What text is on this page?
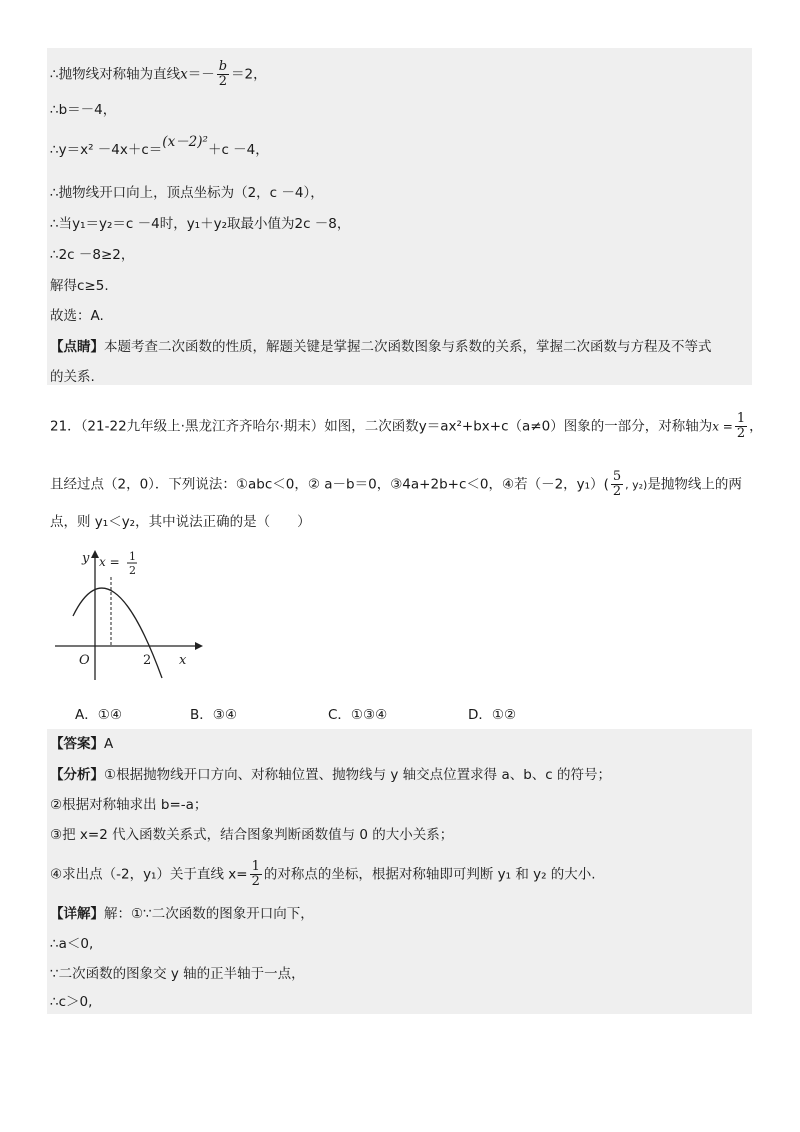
∴抛物线对称轴为直线$x=- \frac{b}{2} =2$，
∴b＝－4，
∴y＝x² －4x＋c＝(x－2)²＋c －4，
∴抛物线开口向上，顶点坐标为（2，c －4），
∴当y₁＝y₂＝c －4时，y₁＋y₂取最小值为2c －8，
∴2c －8≥2，
解得c≥5.
故选：A.
【点睛】本题考查二次函数的性质，解题关键是掌握二次函数图象与系数的关系，掌握二次函数与方程及不等式
的关系.
21．（21-22九年级上·黑龙江齐齐哈尔·期末）如图，二次函数y＝ax²+bx+c（a≠0）图象的一部分，对称轴为$x = \frac{1}{2}$ ，
且经过点（2，0）．下列说法：①abc＜0，② a－b＝0，③4a+2b+c＜0，④若（－2，$y_1)( \frac{5}{2}$ , y₂)是抛物线上的两
点，则 y₁＜y₂，其中说法正确的是（　　）
y
x
O	2
x = 1
2
A．①④	B．③④	C．①③④	D．①②
【答案】A
【分析】①根据抛物线开口方向、对称轴位置、抛物线与 y 轴交点位置求得 a、b、c 的符号；
②根据对称轴求出 b=-a；
③把 x=2 代入函数关系式，结合图象判断函数值与 0 的大小关系；
④求出点（-2，y₁）关于直线 $x= \frac{1}{2}$ 的对称点的坐标，根据对称轴即可判断 y₁ 和 y₂ 的大小.
【详解】解：①∵二次函数的图象开口向下，
∴a＜0,
∵二次函数的图象交 y 轴的正半轴于一点，
∴c＞0,
